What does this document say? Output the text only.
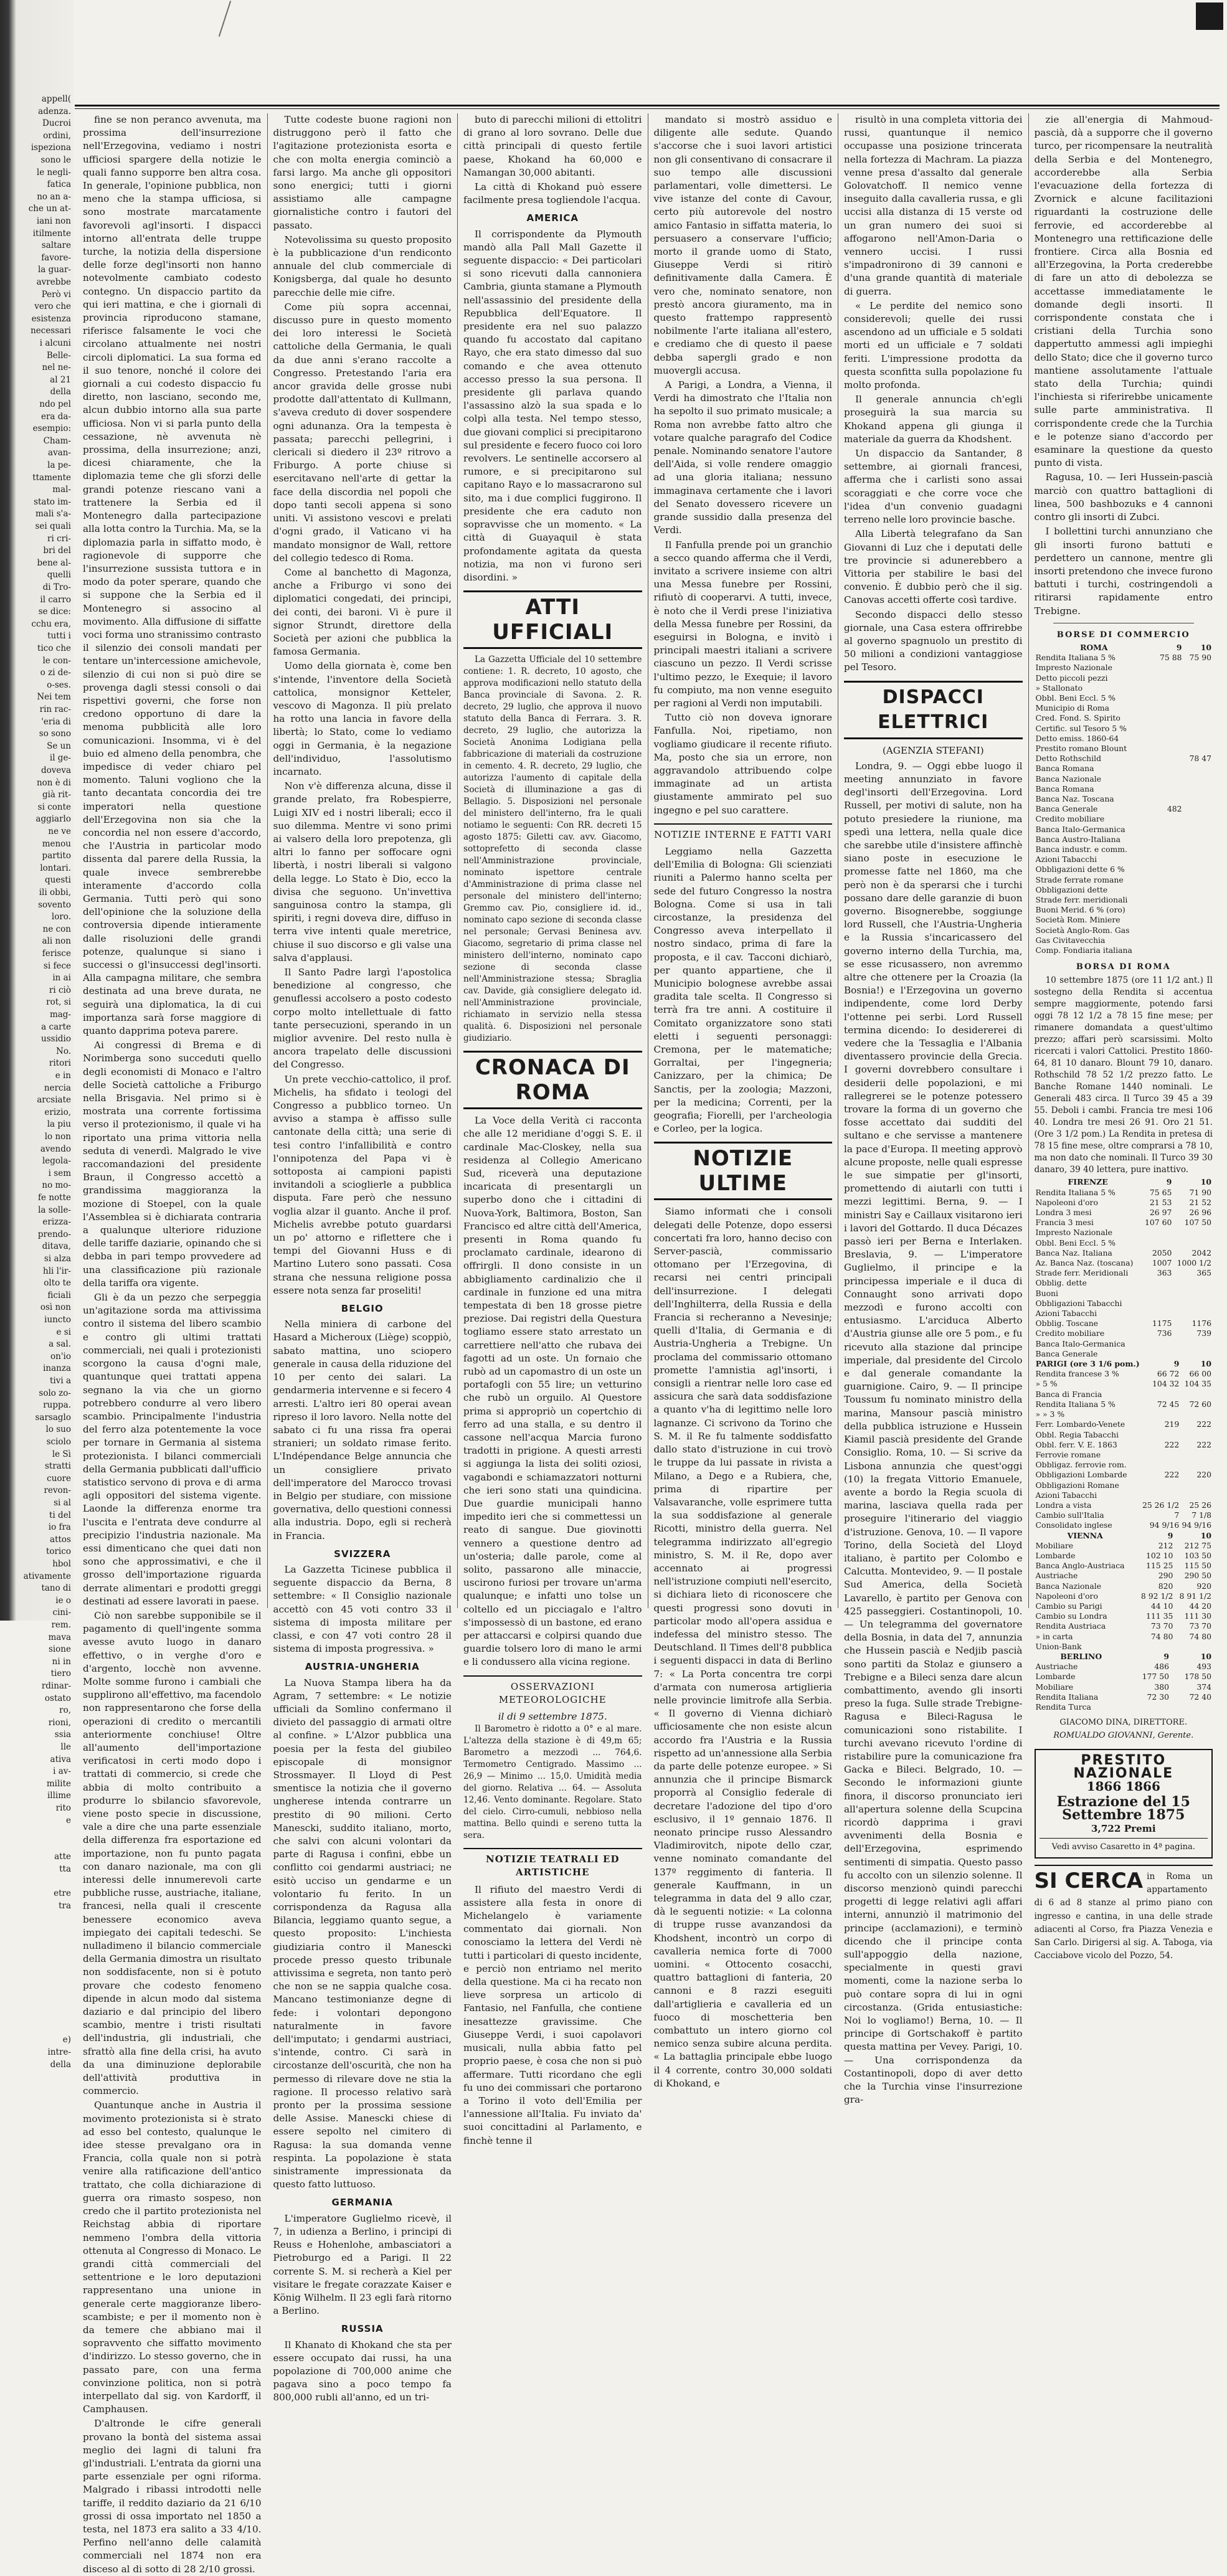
appell(
adenza.
Ducroi
ordini,
ispeziona
sono le
le negli-
fatica
no an a-
che un at-
iani non
itilmente
saltare
favore-
la guar-
avrebbe
Però vi
vero che
esistenza
necessari
i alcuni
Belle-
nel ne-
al 21
della
ndo pel
era da-
esempio:
Cham-
avan-
la pe-
ttamente
mal-
stato im-
mali s'a-
sei quali
ri cri-
bri del
bene al-
quelli
di Tro-
il carro
se dice:
cchu era,
tutti i
tico che
le con-
o zi de-
o-ses.
Nei tem
rin rac-
'eria di
so sono
Se un
il ge-
doveva
non è di
già rit-
si conte
aggiarlo
ne ve
menou
partito
lontari.
questi
ili obbi,
sovento
loro.
ne con
ali non
ferisce
si fece
in ai
ri ciò
rot, si
mag-
a carte
ussidio
No.
ritori
e in
nercia
arcsiate
erizio,
la piu
lo non
avendo
legola-
i sem
no mo-
fe notte
la solle-
erizza-
prendo-
ditava,
si alza
hli l'ir-
olto te
ficiali
osì non
iuncto
e si
a sal.
on'io
inanza
tivi a
solo zo-
ruppa.
sarsaglo
lo suo
sciolo
le Sì
stratti
cuore
revon-
si al
ti del
io fra
attos
torico
hbol
ativamente
tano di
ie o
cini-
rem.
mava
sione
ni in
tiero
rdinar-
ostato
ro,
rioni,
ssia
lle
ativa
i av-
milite
illime
rito
e
atte
tta
etre
tra
e)
intre-
della

fine se non peranco avvenuta, ma prossima dell'insurrezione nell'Erzegovina, vediamo i nostri ufficiosi spargere della notizie le quali fanno supporre ben altra cosa. In generale, l'opinione pubblica, non meno che la stampa ufficiosa, si sono mostrate marcatamente favorevoli agl'insorti. I dispacci intorno all'entrata delle truppe turche, la notizia della dispersione delle forze degl'insorti non hanno notevolmente cambiato codesto contegno. Un dispaccio partito da qui ieri mattina, e che i giornali di provincia riproducono stamane, riferisce falsamente le voci che circolano attualmente nei nostri circoli diplomatici. La sua forma ed il suo tenore, nonché il colore dei giornali a cui codesto dispaccio fu diretto, non lasciano, secondo me, alcun dubbio intorno alla sua parte ufficiosa. Non vi si parla punto della cessazione, nè avvenuta nè prossima, della insurrezione; anzi, dicesi chiaramente, che la diplomazia teme che gli sforzi delle grandi potenze riescano vani a trattenere la Serbia ed il Montenegro dalla partecipazione alla lotta contro la Turchia. Ma, se la diplomazia parla in siffatto modo, è ragionevole di supporre che l'insurrezione sussista tuttora e in modo da poter sperare, quando che si suppone che la Serbia ed il Montenegro si associno al movimento. Alla diffusione di siffatte voci forma uno stranissimo contrasto il silenzio dei consoli mandati per tentare un'intercessione amichevole, silenzio di cui non si può dire se provenga dagli stessi consoli o dai rispettivi governi, che forse non credono opportuno di dare la menoma pubblicità alle loro comunicazioni. Insomma, vi è del buio ed almeno della penombra, che impedisce di veder chiaro pel momento. Taluni vogliono che la tanto decantata concordia dei tre imperatori nella questione dell'Erzegovina non sia che la concordia nel non essere d'accordo, che l'Austria in particolar modo dissenta dal parere della Russia, la quale invece sembrerebbe interamente d'accordo colla Germania. Tutti però qui sono dell'opinione che la soluzione della controversia dipende intieramente dalle risoluzioni delle grandi potenze, qualunque si siano i successi o gl'insuccessi degl'insorti. Alla campagna militare, che sembra destinata ad una breve durata, ne seguirà una diplomatica, la di cui importanza sarà forse maggiore di quanto dapprima poteva parere.

Ai congressi di Brema e di Norimberga sono succeduti quello degli economisti di Monaco e l'altro delle Società cattoliche a Friburgo nella Brisgavia. Nel primo si è mostrata una corrente fortissima verso il protezionismo, il quale vi ha riportato una prima vittoria nella seduta di venerdì. Malgrado le vive raccomandazioni del presidente Braun, il Congresso accettò a grandissima maggioranza la mozione di Stoepel, con la quale l'Assemblea si è dichiarata contraria a qualunque ulteriore riduzione delle tariffe daziarie, opinando che si debba in pari tempo provvedere ad una classificazione più razionale della tariffa ora vigente.

Gli è da un pezzo che serpeggia un'agitazione sorda ma attivissima contro il sistema del libero scambio e contro gli ultimi trattati commerciali, nei quali i protezionisti scorgono la causa d'ogni male, quantunque quei trattati appena segnano la via che un giorno potrebbero condurre al vero libero scambio. Principalmente l'industria del ferro alza potentemente la voce per tornare in Germania al sistema protezionista. I bilanci commerciali della Germania pubblicati dall'ufficio statistico servono di prova e di arma agli oppositori del sistema vigente. Laonde la differenza enorme tra l'uscita e l'entrata deve condurre al precipizio l'industria nazionale. Ma essi dimenticano che quei dati non sono che approssimativi, e che il grosso dell'importazione riguarda derrate alimentari e prodotti greggi destinati ad essere lavorati in paese.

Ciò non sarebbe supponibile se il pagamento di quell'ingente somma avesse avuto luogo in danaro effettivo, o in verghe d'oro e d'argento, locchè non avvenne. Molte somme furono i cambiali che supplirono all'effettivo, ma facendolo non rappresentarono che forse della operazioni di credito o mercantili anteriormente conchiuse! Oltre all'aumento dell'importazione verificatosi in certi modo dopo i trattati di commercio, si crede che abbia di molto contribuito a produrre lo sbilancio sfavorevole, viene posto specie in discussione, vale a dire che una parte essenziale della differenza fra esportazione ed importazione, non fu punto pagata con danaro nazionale, ma con gli interessi delle innumerevoli carte pubbliche russe, austriache, italiane, francesi, nella quali il crescente benessere economico aveva impiegato dei capitali tedeschi. Se nulladimeno il bilancio commerciale della Germania dimostra un risultato non soddisfacente, non si è potuto provare che codesto fenomeno dipende in alcun modo dal sistema daziario e dal principio del libero scambio, mentre i tristi risultati dell'industria, gli industriali, che sfrattò alla fine della crisi, ha avuto da una diminuzione deplorabile dell'attività produttiva in commercio.

Quantunque anche in Austria il movimento protezionista si è strato ad esso bel contesto, qualunque le idee stesse prevalgano ora in Francia, colla quale non si potrà venire alla ratificazione dell'antico trattato, che colla dichiarazione di guerra ora rimasto sospeso, non credo che il partito protezionista nel Reichstag abbia di riportare nemmeno l'ombra della vittoria ottenuta al Congresso di Monaco. Le grandi città commerciali del settentrione e le loro deputazioni rappresentano una unione in generale certe maggioranze libero-scambiste; e per il momento non è da temere che abbiano mai il sopravvento che siffatto movimento d'indirizzo. Lo stesso governo, che in passato pare, con una ferma convinzione politica, non si potrà interpellato dal sig. von Kardorff, il Camphausen.

D'altronde le cifre generali provano la bontà del sistema assai meglio dei lagni di taluni fra gl'industriali. L'entrata da giorni una parte essenziale per ogni riforma. Malgrado i ribassi introdotti nelle tariffe, il reddito daziario da 21 6/10 grossi di ossa importato nel 1850 a testa, nel 1873 era salito a 33 4/10. Perfino nell'anno delle calamità commerciali nel 1874 non era disceso al di sotto di 28 2/10 grossi.

Tutte codeste buone ragioni non distruggono però il fatto che l'agitazione protezionista esorta e che con molta energia cominciò a farsi largo. Ma anche gli oppositori sono energici; tutti i giorni assistiamo alle campagne giornalistiche contro i fautori del passato.

Notevolissima su questo proposito è la pubblicazione d'un rendiconto annuale del club commerciale di Konigsberga, dal quale ho desunto parecchie delle mie cifre.

Come più sopra accennai, discusso pure in questo momento dei loro interessi le Società cattoliche della Germania, le quali da due anni s'erano raccolte a Congresso. Pretestando l'aria era ancor gravida delle grosse nubi prodotte dall'attentato di Kullmann, s'aveva creduto di dover sospendere ogni adunanza. Ora la tempesta è passata; parecchi pellegrini, i clericali si diedero il 23º ritrovo a Friburgo. A porte chiuse si esercitavano nell'arte di gettar la face della discordia nel popoli che dopo tanti secoli appena si sono uniti. Vi assistono vescovi e prelati d'ogni grado, il Vaticano vi ha mandato monsignor de Wall, rettore del collegio tedesco di Roma.

Come al banchetto di Magonza, anche a Friburgo vi sono dei diplomatici congedati, dei principi, dei conti, dei baroni. Vi è pure il signor Strundt, direttore della Società per azioni che pubblica la famosa Germania.

Uomo della giornata è, come ben s'intende, l'inventore della Società cattolica, monsignor Ketteler, vescovo di Magonza. Il più prelato ha rotto una lancia in favore della libertà; lo Stato, come lo vediamo oggi in Germania, è la negazione dell'individuo, l'assolutismo incarnato.

Non v'è differenza alcuna, disse il grande prelato, fra Robespierre, Luigi XIV ed i nostri liberali; ecco il suo dilemma. Mentre vi sono primi ai valsero della loro prepotenza, gli altri lo fanno per soffocare ogni libertà, i nostri liberali si valgono della legge. Lo Stato è Dio, ecco la divisa che seguono. Un'invettiva sanguinosa contro la stampa, gli spiriti, i regni doveva dire, diffuso in terra vive intenti quale meretrice, chiuse il suo discorso e gli valse una salva d'applausi.

Il Santo Padre largì l'apostolica benedizione al congresso, che genuflessi accolsero a posto codesto corpo molto intellettuale di fatto tante persecuzioni, sperando in un miglior avvenire. Del resto nulla è ancora trapelato delle discussioni del Congresso.

Un prete vecchio-cattolico, il prof. Michelis, ha sfidato i teologi del Congresso a pubblico torneo. Un avviso a stampa è affisso sulle cantonate della città; una serie di tesi contro l'infallibilità e contro l'onnipotenza del Papa vi è sottoposta ai campioni papisti invitandoli a scioglierle a pubblica disputa. Fare però che nessuno voglia alzar il guanto. Anche il prof. Michelis avrebbe potuto guardarsi un po' attorno e riflettere che i tempi del Giovanni Huss e di Martino Lutero sono passati. Cosa strana che nessuna religione possa essere nota senza far proseliti!

BELGIO

Nella miniera di carbone del Hasard a Micheroux (Liège) scoppiò, sabato mattina, uno sciopero generale in causa della riduzione del 10 per cento dei salari. La gendarmeria intervenne e si fecero 4 arresti. L'altro ieri 80 operai avean ripreso il loro lavoro. Nella notte del sabato ci fu una rissa fra operai stranieri; un soldato rimase ferito. L'Indépendance Belge annuncia che un consigliere privato dell'imperatore del Marocco trovasi in Belgio per studiare, con missione governativa, dello questioni connessi alla industria. Dopo, egli si recherà in Francia.

SVIZZERA

La Gazzetta Ticinese pubblica il seguente dispaccio da Berna, 8 settembre: « Il Consiglio nazionale accettò con 45 voti contro 33 il sistema di imposta militare per classi, e con 47 voti contro 28 il sistema di imposta progressiva. »

AUSTRIA-UNGHERIA

La Nuova Stampa libera ha da Agram, 7 settembre: « Le notizie ufficiali da Somlino confermano il divieto del passaggio di armati oltre al confine. » L'Alzor pubblica una poesia per la festa del giubileo episcopale di monsignor Strossmayer. Il Lloyd di Pest smentisce la notizia che il governo ungherese intenda contrarre un prestito di 90 milioni. Certo Manescki, suddito italiano, morto, che salvi con alcuni volontari da parte di Ragusa i confini, ebbe un conflitto coi gendarmi austriaci; ne esitò ucciso un gendarme e un volontario fu ferito. In un corrispondenza da Ragusa alla Bilancia, leggiamo quanto segue, a questo proposito: L'inchiesta giudiziaria contro il Manescki procede presso questo tribunale attivissima e segreta, non tanto però che non se ne sappia qualche cosa. Mancano testimonianze degne di fede: i volontari depongono naturalmente in favore dell'imputato; i gendarmi austriaci, s'intende, contro. Ci sarà in circostanze dell'oscurità, che non ha permesso di rilevare dove ne stia la ragione. Il processo relativo sarà pronto per la prossima sessione delle Assise. Manescki chiese di essere sepolto nel cimitero di Ragusa: la sua domanda venne respinta. La popolazione è stata sinistramente impressionata da questo fatto luttuoso.

GERMANIA

L'imperatore Guglielmo ricevè, il 7, in udienza a Berlino, i principi di Reuss e Hohenlohe, ambasciatori a Pietroburgo ed a Parigi. Il 22 corrente S. M. si recherà a Kiel per visitare le fregate corazzate Kaiser e König Wilhelm. Il 23 egli farà ritorno a Berlino.

RUSSIA

Il Khanato di Khokand che sta per essere occupato dai russi, ha una popolazione di 700,000 anime che pagava sino a poco tempo fa 800,000 rubli all'anno, ed un tri-

buto di parecchi milioni di ettolitri di grano al loro sovrano. Delle due città principali di questo fertile paese, Khokand ha 60,000 e Namangan 30,000 abitanti.

La città di Khokand può essere facilmente presa togliendole l'acqua.

AMERICA

Il corrispondente da Plymouth mandò alla Pall Mall Gazette il seguente dispaccio: « Dei particolari si sono ricevuti dalla cannoniera Cambria, giunta stamane a Plymouth nell'assassinio del presidente della Repubblica dell'Equatore. Il presidente era nel suo palazzo quando fu accostato dal capitano Rayo, che era stato dimesso dal suo comando e che avea ottenuto accesso presso la sua persona. Il presidente gli parlava quando l'assassino alzò la sua spada e lo colpì alla testa. Nel tempo stesso, due giovani complici si precipitarono sul presidente e fecero fuoco coi loro revolvers. Le sentinelle accorsero al rumore, e si precipitarono sul capitano Rayo e lo massacrarono sul sito, ma i due complici fuggirono. Il presidente che era caduto non sopravvisse che un momento. « La città di Guayaquil è stata profondamente agitata da questa notizia, ma non vi furono seri disordini. »

ATTI UFFICIALI

La Gazzetta Ufficiale del 10 settembre contiene: 1. R. decreto, 10 agosto, che approva modificazioni nello statuto della Banca provinciale di Savona. 2. R. decreto, 29 luglio, che approva il nuovo statuto della Banca di Ferrara. 3. R. decreto, 29 luglio, che autorizza la Società Anonima Lodigiana pella fabbricazione di materiali da costruzione in cemento. 4. R. decreto, 29 luglio, che autorizza l'aumento di capitale della Società di illuminazione a gas di Bellagio. 5. Disposizioni nel personale del ministero dell'interno, fra le quali notiamo le seguenti: Con RR. decreti 15 agosto 1875: Giletti cav. avv. Giacomo, sottoprefetto di seconda classe nell'Amministrazione provinciale, nominato ispettore centrale d'Amministrazione di prima classe nel personale del ministero dell'interno; Gremmo cav. Pio, consigliere id. id., nominato capo sezione di seconda classe nel personale; Gervasi Beninesa avv. Giacomo, segretario di prima classe nel ministero dell'interno, nominato capo sezione di seconda classe nell'Amministrazione stessa; Sbraglia cav. Davide, già consigliere delegato id. nell'Amministrazione provinciale, richiamato in servizio nella stessa qualità. 6. Disposizioni nel personale giudiziario.

CRONACA DI ROMA

La Voce della Verità ci racconta che alle 12 meridiane d'oggi S. E. il cardinale Mac-Closkey, nella sua residenza al Collegio Americano Sud, riceverà una deputazione incaricata di presentargli un superbo dono che i cittadini di Nuova-York, Baltimora, Boston, San Francisco ed altre città dell'America, presenti in Roma quando fu proclamato cardinale, idearono di offrirgli. Il dono consiste in un abbigliamento cardinalizio che il cardinale in funzione ed una mitra tempestata di ben 18 grosse pietre preziose. Dai registri della Questura togliamo essere stato arrestato un carrettiere nell'atto che rubava dei fagotti ad un oste. Un fornaio che rubò ad un capomastro di un oste un portafogli con 55 lire; un vetturino che rubò un orguilo. Al Questore prima si appropriò un copertchio di ferro ad una stalla, e su dentro il cassone nell'acqua Marcia furono tradotti in prigione. A questi arresti si aggiunga la lista dei soliti oziosi, vagabondi e schiamazzatori notturni che ieri sono stati una quindicina. Due guardie municipali hanno impedito ieri che si commettessi un reato di sangue. Due giovinotti vennero a questione dentro ad un'osteria; dalle parole, come al solito, passarono alle minaccie, uscirono furiosi per trovare un'arma qualunque; e infatti uno tolse un coltello ed un picciagalo e l'altro s'impossessò di un bastone, ed erano per attaccarsi e colpirsi quando due guardie tolsero loro di mano le armi e li condussero alla vicina regione.

OSSERVAZIONI METEOROLOGICHE
il di 9 settembre 1875.

Il Barometro è ridotto a 0° e al mare. L'altezza della stazione è di 49,m 65; Barometro a mezzodì ... 764,6. Termometro Centigrado. Massimo ... 26,9 — Minimo ... 15,0. Umidità media del giorno. Relativa ... 64. — Assoluta 12,46. Vento dominante. Regolare. Stato del cielo. Cirro-cumuli, nebbioso nella mattina. Bello quindi e sereno tutta la sera.

NOTIZIE TEATRALI ED ARTISTICHE

Il rifiuto del maestro Verdi di assistere alla festa in onore di Michelangelo è variamente commentato dai giornali. Non conosciamo la lettera del Verdi nè tutti i particolari di questo incidente, e perciò non entriamo nel merito della questione. Ma ci ha recato non lieve sorpresa un articolo di Fantasio, nel Fanfulla, che contiene inesattezze gravissime. Che Giuseppe Verdi, i suoi capolavori musicali, nulla abbia fatto pel proprio paese, è cosa che non si può affermare. Tutti ricordano che egli fu uno dei commissari che portarono a Torino il voto dell'Emilia per l'annessione all'Italia. Fu inviato da' suoi concittadini al Parlamento, e finchè tenne il

mandato si mostrò assiduo e diligente alle sedute. Quando s'accorse che i suoi lavori artistici non gli consentivano di consacrare il suo tempo alle discussioni parlamentari, volle dimettersi. Le vive istanze del conte di Cavour, certo più autorevole del nostro amico Fantasio in siffatta materia, lo persuasero a conservare l'ufficio; morto il grande uomo di Stato, Giuseppe Verdi si ritirò definitivamente dalla Camera. È vero che, nominato senatore, non prestò ancora giuramento, ma in questo frattempo rappresentò nobilmente l'arte italiana all'estero, e crediamo che di questo il paese debba sapergli grado e non muovergli accusa.

A Parigi, a Londra, a Vienna, il Verdi ha dimostrato che l'Italia non ha sepolto il suo primato musicale; a Roma non avrebbe fatto altro che votare qualche paragrafo del Codice penale. Nominando senatore l'autore dell'Aida, si volle rendere omaggio ad una gloria italiana; nessuno immaginava certamente che i lavori del Senato dovessero ricevere un grande sussidio dalla presenza del Verdi.

Il Fanfulla prende poi un granchio a secco quando afferma che il Verdi, invitato a scrivere insieme con altri una Messa funebre per Rossini, rifiutò di cooperarvi. A tutti, invece, è noto che il Verdi prese l'iniziativa della Messa funebre per Rossini, da eseguirsi in Bologna, e invitò i principali maestri italiani a scrivere ciascuno un pezzo. Il Verdi scrisse l'ultimo pezzo, le Exequie; il lavoro fu compiuto, ma non venne eseguito per ragioni al Verdi non imputabili.

Tutto ciò non doveva ignorare Fanfulla. Noi, ripetiamo, non vogliamo giudicare il recente rifiuto. Ma, posto che sia un errore, non aggravandolo attribuendo colpe immaginate ad un artista giustamente ammirato pel suo ingegno e pel suo carattere.

NOTIZIE INTERNE E FATTI VARI

Leggiamo nella Gazzetta dell'Emilia di Bologna: Gli scienziati riuniti a Palermo hanno scelta per sede del futuro Congresso la nostra Bologna. Come si usa in tali circostanze, la presidenza del Congresso aveva interpellato il nostro sindaco, prima di fare la proposta, e il cav. Tacconi dichiarò, per quanto appartiene, che il Municipio bolognese avrebbe assai gradita tale scelta. Il Congresso si terrà fra tre anni. A costituire il Comitato organizzatore sono stati eletti i seguenti personaggi: Cremona, per le matematiche; Gorraltai, per l'ingegneria; Canizzaro, per la chimica; De Sanctis, per la zoologia; Mazzoni, per la medicina; Correnti, per la geografia; Fiorelli, per l'archeologia e Corleo, per la logica.

NOTIZIE ULTIME

Siamo informati che i consoli delegati delle Potenze, dopo essersi concertati fra loro, hanno deciso con Server-pascià, commissario ottomano per l'Erzegovina, di recarsi nei centri principali dell'insurrezione. I delegati dell'Inghilterra, della Russia e della Francia si recheranno a Nevesinje; quelli d'Italia, di Germania e di Austria-Ungheria a Trebigne. Un proclama del commissario ottomano promette l'amnistia agl'insorti, i consigli a rientrar nelle loro case ed assicura che sarà data soddisfazione a quanto v'ha di legittimo nelle loro lagnanze. Ci scrivono da Torino che S. M. il Re fu talmente soddisfatto dallo stato d'istruzione in cui trovò le truppe da lui passate in rivista a Milano, a Dego e a Rubiera, che, prima di ripartire per Valsavaranche, volle esprimere tutta la sua soddisfazione al generale Ricotti, ministro della guerra. Nel telegramma indirizzato all'egregio ministro, S. M. il Re, dopo aver accennato ai progressi nell'istruzione compiuti nell'esercito, si dichiara lieto di riconoscere che questi progressi sono dovuti in particolar modo all'opera assidua e indefessa del ministro stesso. The Deutschland. Il Times dell'8 pubblica i seguenti dispacci in data di Berlino 7: « La Porta concentra tre corpi d'armata con numerosa artiglieria nelle provincie limitrofe alla Serbia. « Il governo di Vienna dichiarò ufficiosamente che non esiste alcun accordo fra l'Austria e la Russia rispetto ad un'annessione alla Serbia da parte delle potenze europee. » Si annunzia che il principe Bismarck proporrà al Consiglio federale di decretare l'adozione del tipo d'oro esclusivo, il 1º gennaio 1876. Il neonato principe russo Alessandro Vladimirovitch, nipote dello czar, venne nominato comandante del 137º reggimento di fanteria. Il generale Kauffmann, in un telegramma in data del 9 allo czar, dà le seguenti notizie: « La colonna di truppe russe avanzandosi da Khodshent, incontrò un corpo di cavalleria nemica forte di 7000 uomini. « Ottocento cosacchi, quattro battaglioni di fanteria, 20 cannoni e 8 razzi eseguiti dall'artiglieria e cavalleria ed un fuoco di moschetteria ben combattuto un intero giorno col nemico senza subire alcuna perdita. « La battaglia principale ebbe luogo il 4 corrente, contro 30,000 soldati di Khokand, e

risultò in una completa vittoria dei russi, quantunque il nemico occupasse una posizione trincerata nella fortezza di Machram. La piazza venne presa d'assalto dal generale Golovatchoff. Il nemico venne inseguito dalla cavalleria russa, e gli uccisi alla distanza di 15 verste od un gran numero dei suoi si affogarono nell'Amon-Daria o vennero uccisi. I russi s'impadronirono di 39 cannoni e d'una grande quantità di materiale di guerra.

« Le perdite del nemico sono considerevoli; quelle dei russi ascendono ad un ufficiale e 5 soldati morti ed un ufficiale e 7 soldati feriti. L'impressione prodotta da questa sconfitta sulla popolazione fu molto profonda.

Il generale annuncia ch'egli proseguirà la sua marcia su Khokand appena gli giunga il materiale da guerra da Khodshent.

Un dispaccio da Santander, 8 settembre, ai giornali francesi, afferma che i carlisti sono assai scoraggiati e che corre voce che l'idea d'un convenio guadagni terreno nelle loro provincie basche.

Alla Libertà telegrafano da San Giovanni di Luz che i deputati delle tre provincie si adunerebbero a Vittoria per stabilire le basi del convenio. È dubbio però che il sig. Canovas accetti offerte così tardive.

Secondo dispacci dello stesso giornale, una Casa estera offrirebbe al governo spagnuolo un prestito di 50 milioni a condizioni vantaggiose pel Tesoro.

DISPACCI ELETTRICI
(AGENZIA STEFANI)

Londra, 9. — Oggi ebbe luogo il meeting annunziato in favore degl'insorti dell'Erzegovina. Lord Russell, per motivi di salute, non ha potuto presiedere la riunione, ma spedì una lettera, nella quale dice che sarebbe utile d'insistere affinchè siano poste in esecuzione le promesse fatte nel 1860, ma che però non è da sperarsi che i turchi possano dare delle garanzie di buon governo. Bisognerebbe, soggiunge lord Russell, che l'Austria-Ungheria e la Russia s'incaricassero del governo interno della Turchia, ma, se esse ricusassero, non avremmo altre che ottenere per la Croazia (la Bosnia!) e l'Erzegovina un governo indipendente, come lord Derby l'ottenne pei serbi. Lord Russell termina dicendo: Io desidererei di vedere che la Tessaglia e l'Albania diventassero provincie della Grecia. I governi dovrebbero consultare i desiderii delle popolazioni, e mi rallegrerei se le potenze potessero trovare la forma di un governo che fosse accettato dai sudditi del sultano e che servisse a mantenere la pace d'Europa. Il meeting approvò alcune proposte, nelle quali espresse le sue simpatie per gl'insorti, promettendo di aiutarli con tutti i mezzi legittimi. Berna, 9. — I ministri Say e Caillaux visitarono ieri i lavori del Gottardo. Il duca Décazes passò ieri per Berna e Interlaken. Breslavia, 9. — L'imperatore Guglielmo, il principe e la principessa imperiale e il duca di Connaught sono arrivati dopo mezzodì e furono accolti con entusiasmo. L'arciduca Alberto d'Austria giunse alle ore 5 pom., e fu ricevuto alla stazione dal principe imperiale, dal presidente del Circolo e dal generale comandante la guarnigione. Cairo, 9. — Il principe Toussum fu nominato ministro della marina, Mansour pascià ministro della pubblica istruzione e Hussein Kiamil pascià presidente del Grande Consiglio. Roma, 10. — Si scrive da Lisbona annunzia che quest'oggi (10) la fregata Vittorio Emanuele, avente a bordo la Regia scuola di marina, lasciava quella rada per proseguire l'itinerario del viaggio d'istruzione. Genova, 10. — Il vapore Torino, della Società del Lloyd italiano, è partito per Colombo e Calcutta. Montevideo, 9. — Il postale Sud America, della Società Lavarello, è partito per Genova con 425 passeggieri. Costantinopoli, 10. — Un telegramma del governatore della Bosnia, in data del 7, annunzia che Hussein pascià e Nedjib pascià sono partiti da Stolaz e giunsero a Trebigne e a Bileci senza dare alcun combattimento, avendo gli insorti preso la fuga. Sulle strade Trebigne-Ragusa e Bileci-Ragusa le comunicazioni sono ristabilite. I turchi avevano ricevuto l'ordine di ristabilire pure la comunicazione fra Gacka e Bileci. Belgrado, 10. — Secondo le informazioni giunte finora, il discorso pronunciato ieri all'apertura solenne della Scupcina ricordò dapprima i gravi avvenimenti della Bosnia e dell'Erzegovina, esprimendo sentimenti di simpatia. Questo passo fu accolto con un silenzio solenne. Il discorso menzionò quindi parecchi progetti di legge relativi agli affari interni, annunziò il matrimonio del principe (acclamazioni), e terminò dicendo che il principe conta sull'appoggio della nazione, specialmente in questi gravi momenti, come la nazione serba lo può contare sopra di lui in ogni circostanza. (Grida entusiastiche: Noi lo vogliamo!) Berna, 10. — Il principe di Gortschakoff è partito questa mattina per Vevey. Parigi, 10. — Una corrispondenza da Costantinopoli, dopo di aver detto che la Turchia vinse l'insurrezione gra-

zie all'energia di Mahmoud-pascià, dà a supporre che il governo turco, per ricompensare la neutralità della Serbia e del Montenegro, accorderebbe alla Serbia l'evacuazione della fortezza di Zvornick e alcune facilitazioni riguardanti la costruzione delle ferrovie, ed accorderebbe al Montenegro una rettificazione delle frontiere. Circa alla Bosnia ed all'Erzegovina, la Porta crederebbe di fare un atto di debolezza se accettasse immediatamente le domande degli insorti. Il corrispondente constata che i cristiani della Turchia sono dappertutto ammessi agli impieghi dello Stato; dice che il governo turco mantiene assolutamente l'attuale stato della Turchia; quindi l'inchiesta si riferirebbe unicamente sulle parte amministrativa. Il corrispondente crede che la Turchia e le potenze siano d'accordo per esaminare la questione da questo punto di vista.

Ragusa, 10. — Ieri Hussein-pascià marciò con quattro battaglioni di linea, 500 bashbozuks e 4 cannoni contro gli insorti di Zubci.

I bollettini turchi annunziano che gli insorti furono battuti e perdettero un cannone, mentre gli insorti pretendono che invece furono battuti i turchi, costringendoli a ritirarsi rapidamente entro Trebigne.

BORSE DI COMMERCIO
ROMA	9	10
Rendita Italiana 5 %	75 88	75 90
Impresto Nazionale		
Detto piccoli pezzi		
» Stallonato		
Obbl. Beni Eccl. 5 %		
Municipio di Roma		
Cred. Fond. S. Spirito		
Certific. sul Tesoro 5 %		
Detto emiss. 1860-64		
Prestito romano Blount		
Detto Rothschild		78 47
Banca Romana		
Banca Nazionale		
Banca Romana		
Banca Naz. Toscana		
Banca Generale	482	
Credito mobiliare		
Banca Italo-Germanica		
Banca Austro-Italiana		
Banca industr. e comm.		
Azioni Tabacchi		
Obbligazioni dette 6 %		
Strade ferrate romane		
Obbligazioni dette		
Strade ferr. meridionali		
Buoni Merid. 6 % (oro)		
Società Rom. Miniere		
Società Anglo-Rom. Gas		
Gas Civitavecchia		
Comp. Fondiaria italiana		
BORSA DI ROMA

10 settembre 1875 (ore 11 1/2 ant.) Il sostegno della Rendita si accentua sempre maggiormente, potendo farsi oggi 78 12 1/2 a 78 15 fine mese; per rimanere domandata a quest'ultimo prezzo; affari però scarsissimi. Molto ricercati i valori Cattolici. Prestito 1860-64, 81 10 danaro. Blount 79 10, danaro. Rothschild 78 52 1/2 prezzo fatto. Le Banche Romane 1440 nominali. Le Generali 483 circa. Il Turco 39 45 a 39 55. Deboli i cambi. Francia tre mesi 106 40. Londra tre mesi 26 91. Oro 21 51. (Ore 3 1/2 pom.) La Rendita in pretesa di 78 15 fine mese, oltre comprarsi a 78 10, ma non dato che nominali. Il Turco 39 30 danaro, 39 40 lettera, pure inattivo.

FIRENZE	9	10
Rendita Italiana 5 %	75 65	71 90
Napoleoni d'oro	21 53	21 52
Londra 3 mesi	26 97	26 96
Francia 3 mesi	107 60	107 50
Impresto Nazionale		
Obbl. Beni Eccl. 5 %		
Banca Naz. Italiana	2050	2042
Az. Banca Naz. (toscana)	1007	1000 1/2
Strade ferr. Meridionali	363	365
Obblig. dette		
Buoni		
Obbligazioni Tabacchi		
Azioni Tabacchi		
Obblig. Toscane	1175	1176
Credito mobiliare	736	739
Banca Italo-Germanica		
Banca Generale		
PARIGI (ore 3 1/6 pom.)	9	10
Rendita francese 3 %	66 72	66 00
» 5 %	104 32	104 35
Banca di Francia		
Rendita Italiana 5 %	72 45	72 60
» » 3 %		
Ferr. Lombardo-Venete	219	222
Obbl. Regia Tabacchi		
Obbl. ferr. V. E. 1863	222	222
Ferrovie romane		
Obbligaz. ferrovie rom.		
Obbligazioni Lombarde	222	220
Obbligazioni Romane		
Azioni Tabacchi		
Londra a vista	25 26 1/2	25 26
Cambio sull'Italia	7	7 1/8
Consolidato inglese	94 9/16	94 9/16
VIENNA	9	10
Mobiliare	212	212 75
Lombarde	102 10	103 50
Banca Anglo-Austriaca	115 25	115 50
Austriache	290	290 50
Banca Nazionale	820	920
Napoleoni d'oro	8 92 1/2	8 91 1/2
Cambio su Parigi	44 10	44 20
Cambio su Londra	111 35	111 30
Rendita Austriaca	73 70	73 70
» in carta	74 80	74 80
Union-Bank		
BERLINO	9	10
Austriache	486	493
Lombarde	177 50	178 50
Mobiliare	380	374
Rendita Italiana	72 30	72 40
Rendita Turca		
GIACOMO DINA, DIRETTORE.
ROMUALDO GIOVANNI, Gerente.
PRESTITO NAZIONALE
1866 1866
Estrazione del 15 Settembre 1875
3,722 Premi
Vedi avviso Casaretto in 4ª pagina.
SI CERCA in Roma un appartamento di 6 ad 8 stanze al primo piano con ingresso e cantina, in una delle strade adiacenti al Corso, fra Piazza Venezia e San Carlo. Dirigersi al sig. A. Taboga, via Cacciabove vicolo del Pozzo, 54.
